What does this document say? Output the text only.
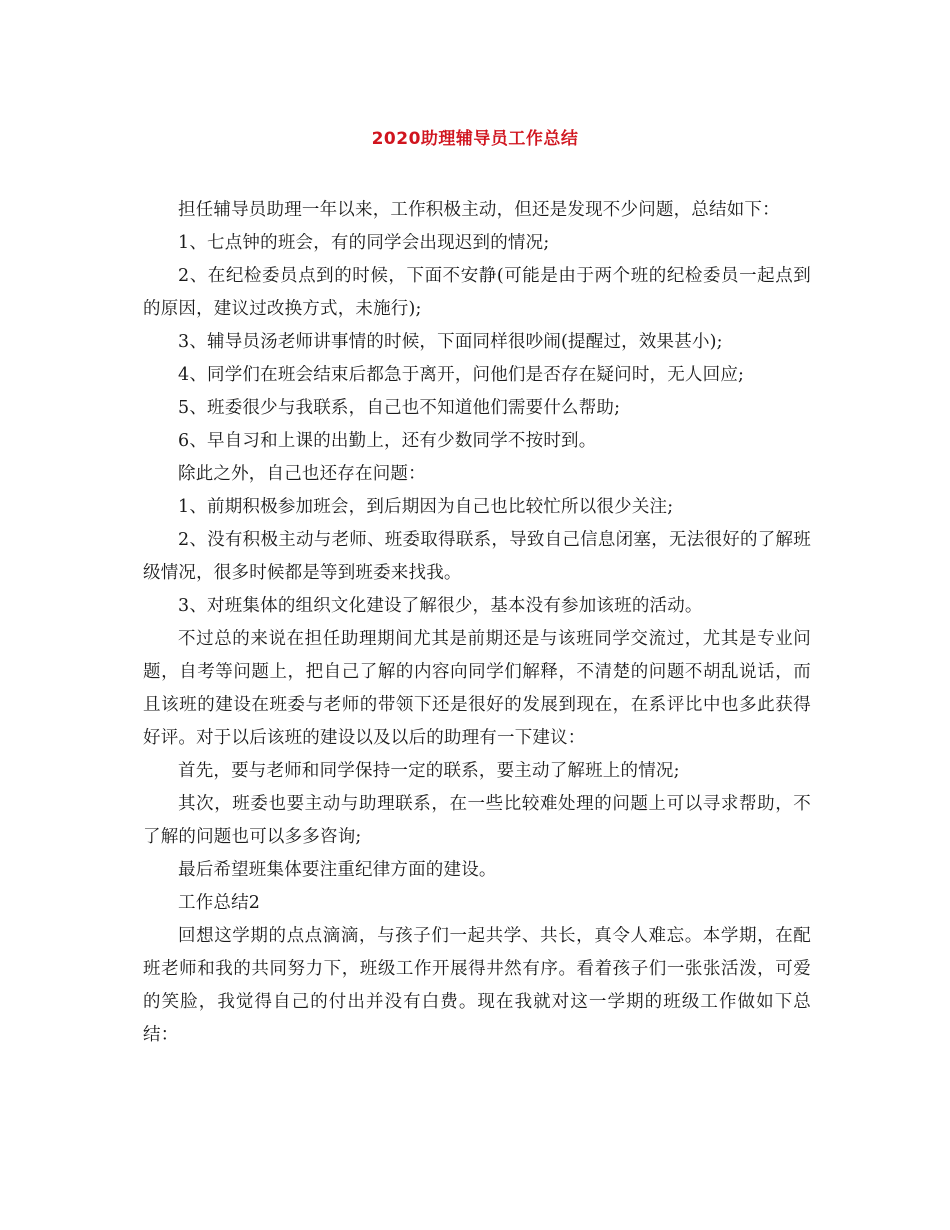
2020助理辅导员工作总结

担任辅导员助理一年以来，工作积极主动，但还是发现不少问题，总结如下：

1、七点钟的班会，有的同学会出现迟到的情况;

2、在纪检委员点到的时候，下面不安静(可能是由于两个班的纪检委员一起点到的原因，建议过改换方式，未施行);

3、辅导员汤老师讲事情的时候，下面同样很吵闹(提醒过，效果甚小);

4、同学们在班会结束后都急于离开，问他们是否存在疑问时，无人回应;

5、班委很少与我联系，自己也不知道他们需要什么帮助;

6、早自习和上课的出勤上，还有少数同学不按时到。

除此之外，自己也还存在问题：

1、前期积极参加班会，到后期因为自己也比较忙所以很少关注;

2、没有积极主动与老师、班委取得联系，导致自己信息闭塞，无法很好的了解班级情况，很多时候都是等到班委来找我。

3、对班集体的组织文化建设了解很少，基本没有参加该班的活动。

不过总的来说在担任助理期间尤其是前期还是与该班同学交流过，尤其是专业问题，自考等问题上，把自己了解的内容向同学们解释，不清楚的问题不胡乱说话，而且该班的建设在班委与老师的带领下还是很好的发展到现在，在系评比中也多此获得好评。对于以后该班的建设以及以后的助理有一下建议：

首先，要与老师和同学保持一定的联系，要主动了解班上的情况;

其次，班委也要主动与助理联系，在一些比较难处理的问题上可以寻求帮助，不了解的问题也可以多多咨询;

最后希望班集体要注重纪律方面的建设。

工作总结2

回想这学期的点点滴滴，与孩子们一起共学、共长，真令人难忘。本学期，在配班老师和我的共同努力下，班级工作开展得井然有序。看着孩子们一张张活泼，可爱的笑脸，我觉得自己的付出并没有白费。现在我就对这一学期的班级工作做如下总结：
